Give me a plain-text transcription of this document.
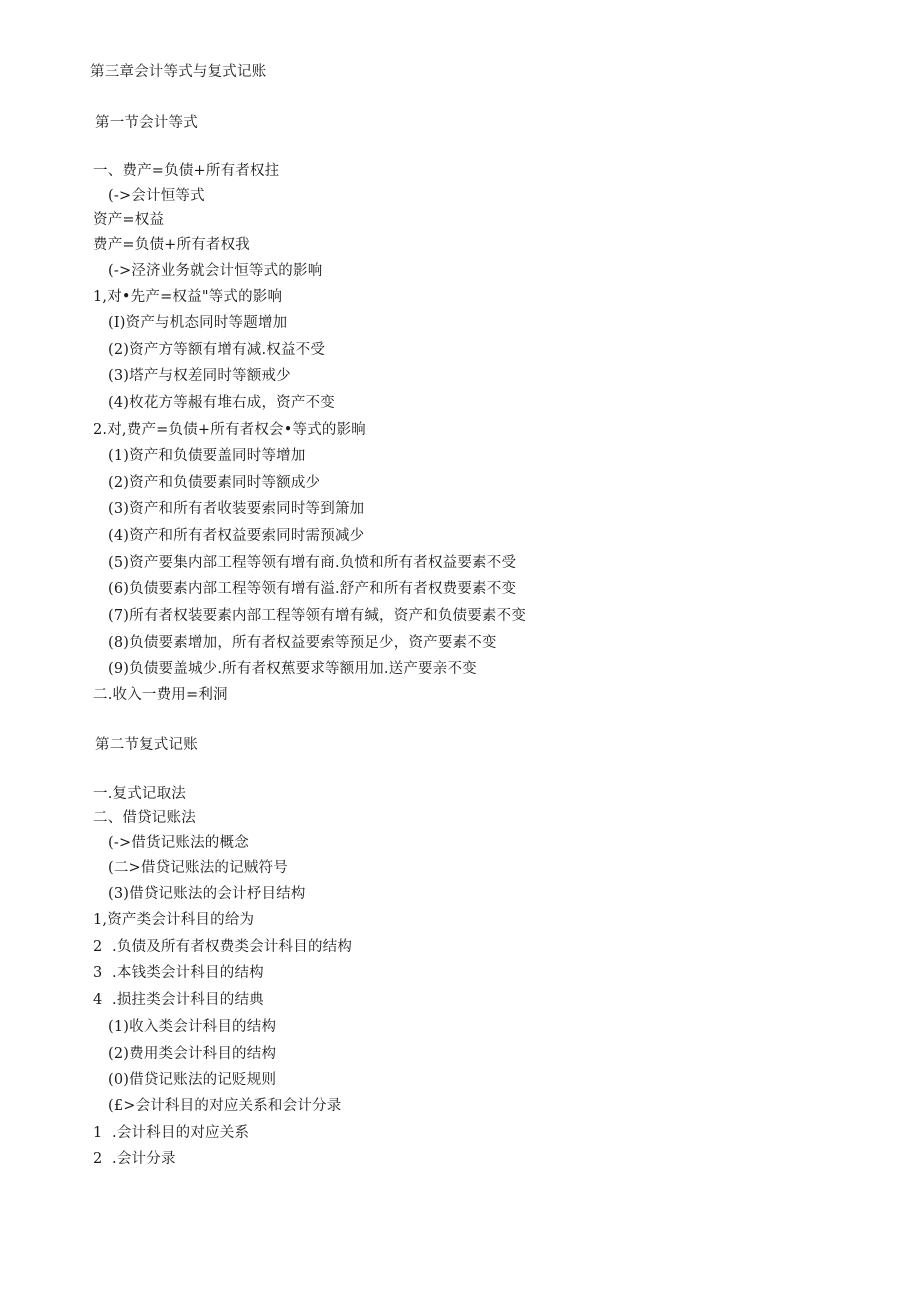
第三章会计等式与复式记账
第一节会计等式
一、费产=负债+所有者权拄
(->会计恒等式
资产=权益
费产=负债+所有者权我
(->泾济业务就会计恒等式的影响
1,对•先产=权益"等式的影响
(I)资产与机态同时等题增加
(2)资产方等额有增有减.权益不受
(3)塔产与权差同时等额戒少
(4)枚花方等赧有堆右成，资产不变
2.对,费产=负债+所有者权会•等式的影晌
(1)资产和负债要盖同时等增加
(2)资产和负债要素同时等额成少
(3)资产和所有者收装要索同时等到箫加
(4)资产和所有者权益要索同时需预减少
(5)资产要集内部工程等领有增有商.负愤和所有者权益要素不受
(6)负债要素内部工程等领有增有溢.舒产和所有者权费要素不变
(7)所有者权装要素内部工程等领有增有缄，资产和负债要素不变
(8)负债要素增加，所有者权益要索等预足少，资产要素不变
(9)负债要盖城少.所有者权蕉要求等额用加.送产要亲不变
二.收入一费用=利洞
第二节复式记账
一.复式记取法
二、借贷记账法
(->借货记账法的概念
(二>借贷记账法的记贼符号
(3)借贷记账法的会计杼目结构
1,资产类会计科目的给为
2  .负债及所有者权费类会计科目的结构
3  .本钱类会计科目的结构
4  .损拄类会计科目的结典
(1)收入类会计科目的结构
(2)费用类会计科目的结构
(0)借贷记账法的记贬规则
(£>会计科目的对应关系和会计分录
1  .会计科目的对应关系
2  .会计分录
